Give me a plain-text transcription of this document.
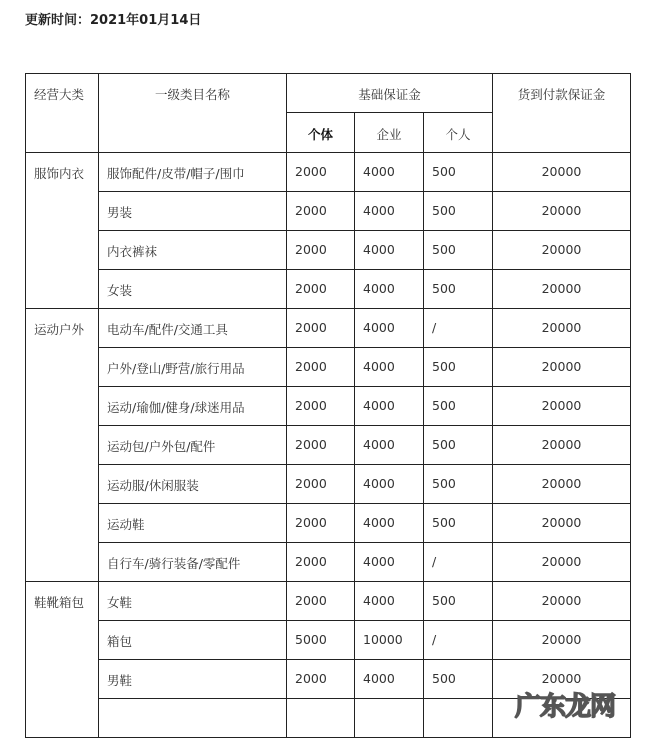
更新时间：2021年01月14日
经营大类	一级类目名称	基础保证金			货到付款保证金
		个体	企业	个人	
服饰内衣	服饰配件/皮带/帽子/围巾	2000	4000	500	20000
	男装	2000	4000	500	20000
	内衣裤袜	2000	4000	500	20000
	女装	2000	4000	500	20000
运动户外	电动车/配件/交通工具	2000	4000	/	20000
	户外/登山/野营/旅行用品	2000	4000	500	20000
	运动/瑜伽/健身/球迷用品	2000	4000	500	20000
	运动包/户外包/配件	2000	4000	500	20000
	运动服/休闲服装	2000	4000	500	20000
	运动鞋	2000	4000	500	20000
	自行车/骑行装备/零配件	2000	4000	/	20000
鞋靴箱包	女鞋	2000	4000	500	20000
	箱包	5000	10000	/	20000
	男鞋	2000	4000	500	20000

广东龙网
